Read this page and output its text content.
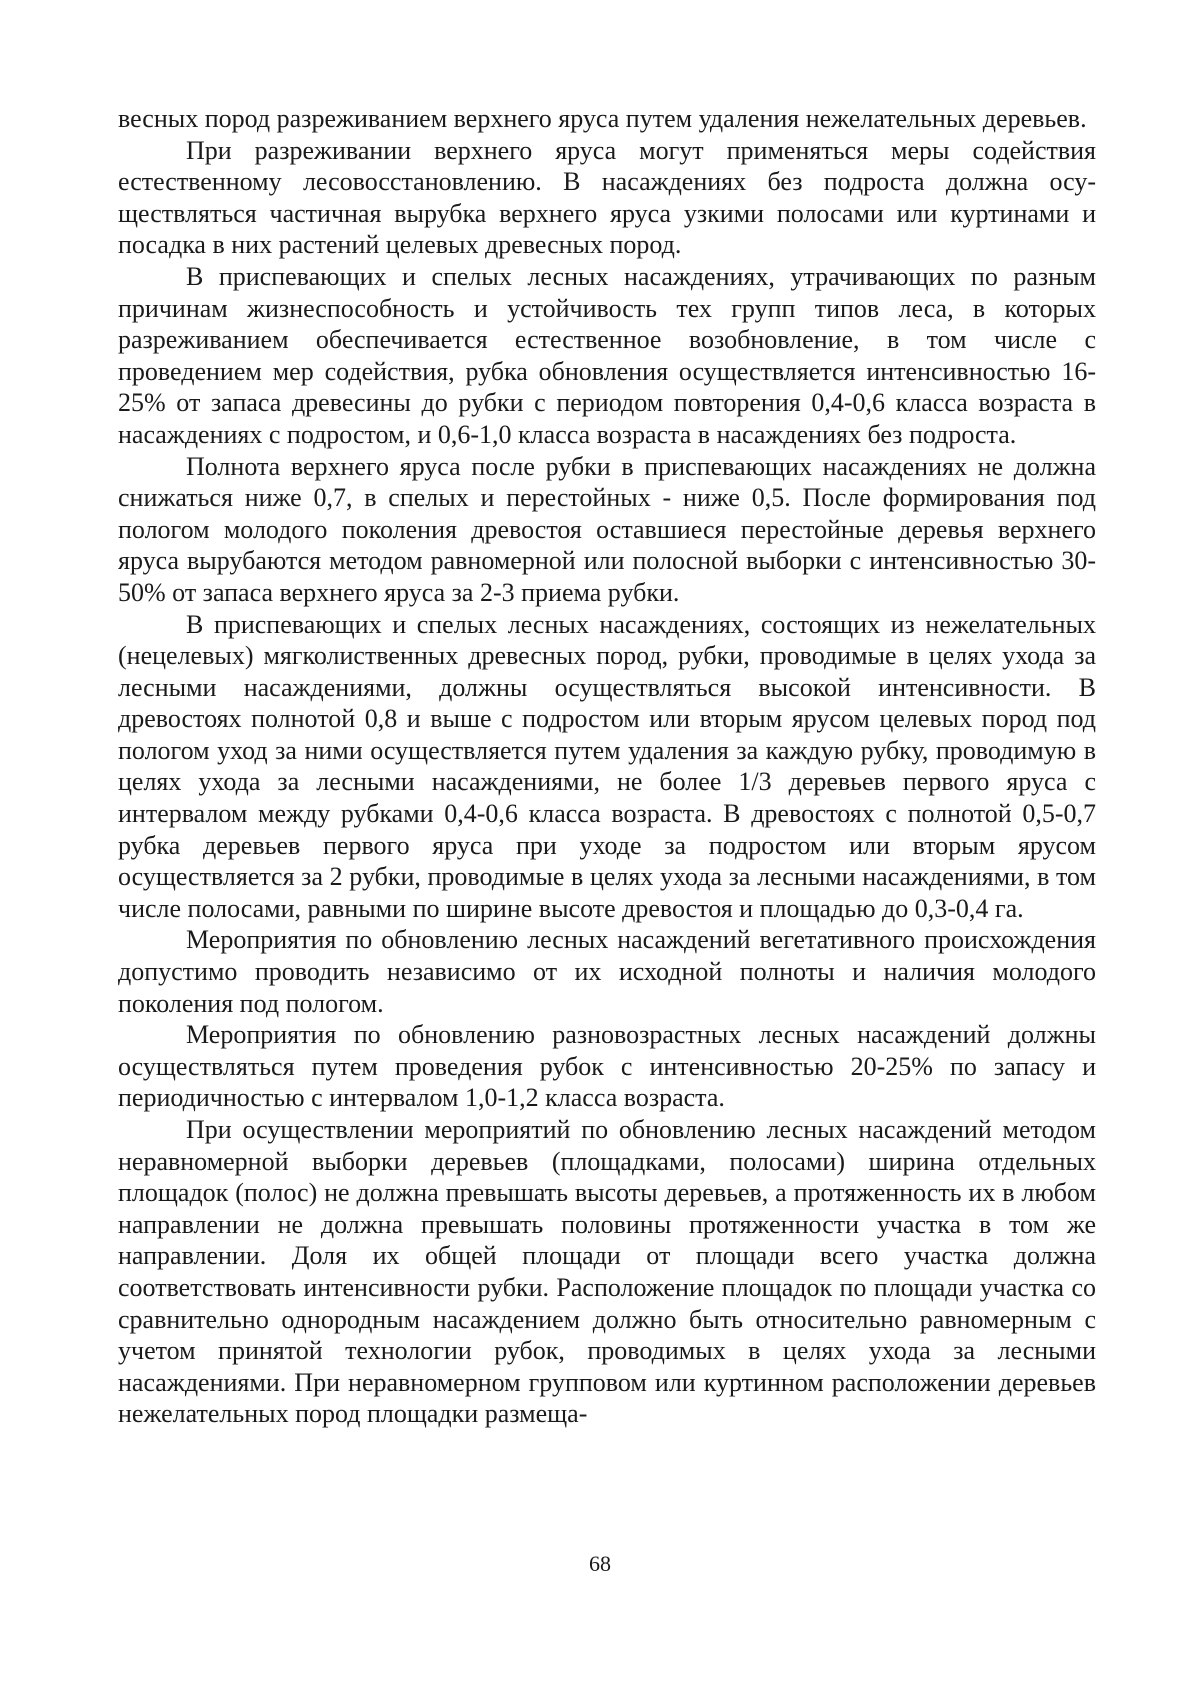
весных пород разреживанием верхнего яруса путем удаления нежелательных деревьев.

При разреживании верхнего яруса могут применяться меры содействия естественному лесовосстановлению. В насаждениях без подроста должна осуществляться частичная вырубка верхнего яруса узкими полосами или куртинами и посадка в них растений целевых древесных пород.

В приспевающих и спелых лесных насаждениях, утрачивающих по разным причинам жизнеспособность и устойчивость тех групп типов леса, в которых разреживанием обеспечивается естественное возобновление, в том числе с проведением мер содействия, рубка обновления осуществляется интенсивностью 16-25% от запаса древесины до рубки с периодом повторения 0,4-0,6 класса возраста в насаждениях с подростом, и 0,6-1,0 класса возраста в насаждениях без подроста.

Полнота верхнего яруса после рубки в приспевающих насаждениях не должна снижаться ниже 0,7, в спелых и перестойных - ниже 0,5. После формирования под пологом молодого поколения древостоя оставшиеся перестойные деревья верхнего яруса вырубаются методом равномерной или полосной выборки с интенсивностью 30-50% от запаса верхнего яруса за 2-3 приема рубки.

В приспевающих и спелых лесных насаждениях, состоящих из нежелательных (нецелевых) мягколиственных древесных пород, рубки, проводимые в целях ухода за лесными насаждениями, должны осуществляться высокой интенсивности. В древостоях полнотой 0,8 и выше с подростом или вторым ярусом целевых пород под пологом уход за ними осуществляется путем удаления за каждую рубку, проводимую в целях ухода за лесными насаждениями, не более 1/3 деревьев первого яруса с интервалом между рубками 0,4-0,6 класса возраста. В древостоях с полнотой 0,5-0,7 рубка деревьев первого яруса при уходе за подростом или вторым ярусом осуществляется за 2 рубки, проводимые в целях ухода за лесными насаждениями, в том числе полосами, равными по ширине высоте древостоя и площадью до 0,3-0,4 га.

Мероприятия по обновлению лесных насаждений вегетативного происхождения допустимо проводить независимо от их исходной полноты и наличия молодого поколения под пологом.

Мероприятия по обновлению разновозрастных лесных насаждений должны осуществляться путем проведения рубок с интенсивностью 20-25% по запасу и периодичностью с интервалом 1,0-1,2 класса возраста.

При осуществлении мероприятий по обновлению лесных насаждений методом неравномерной выборки деревьев (площадками, полосами) ширина отдельных площадок (полос) не должна превышать высоты деревьев, а протяженность их в любом направлении не должна превышать половины протяженности участка в том же направлении. Доля их общей площади от площади всего участка должна соответствовать интенсивности рубки. Расположение площадок по площади участка со сравнительно однородным насаждением должно быть относительно равномерным с учетом принятой технологии рубок, проводимых в целях ухода за лесными насаждениями. При неравномерном групповом или куртинном расположении деревьев нежелательных пород площадки размеща-

68
